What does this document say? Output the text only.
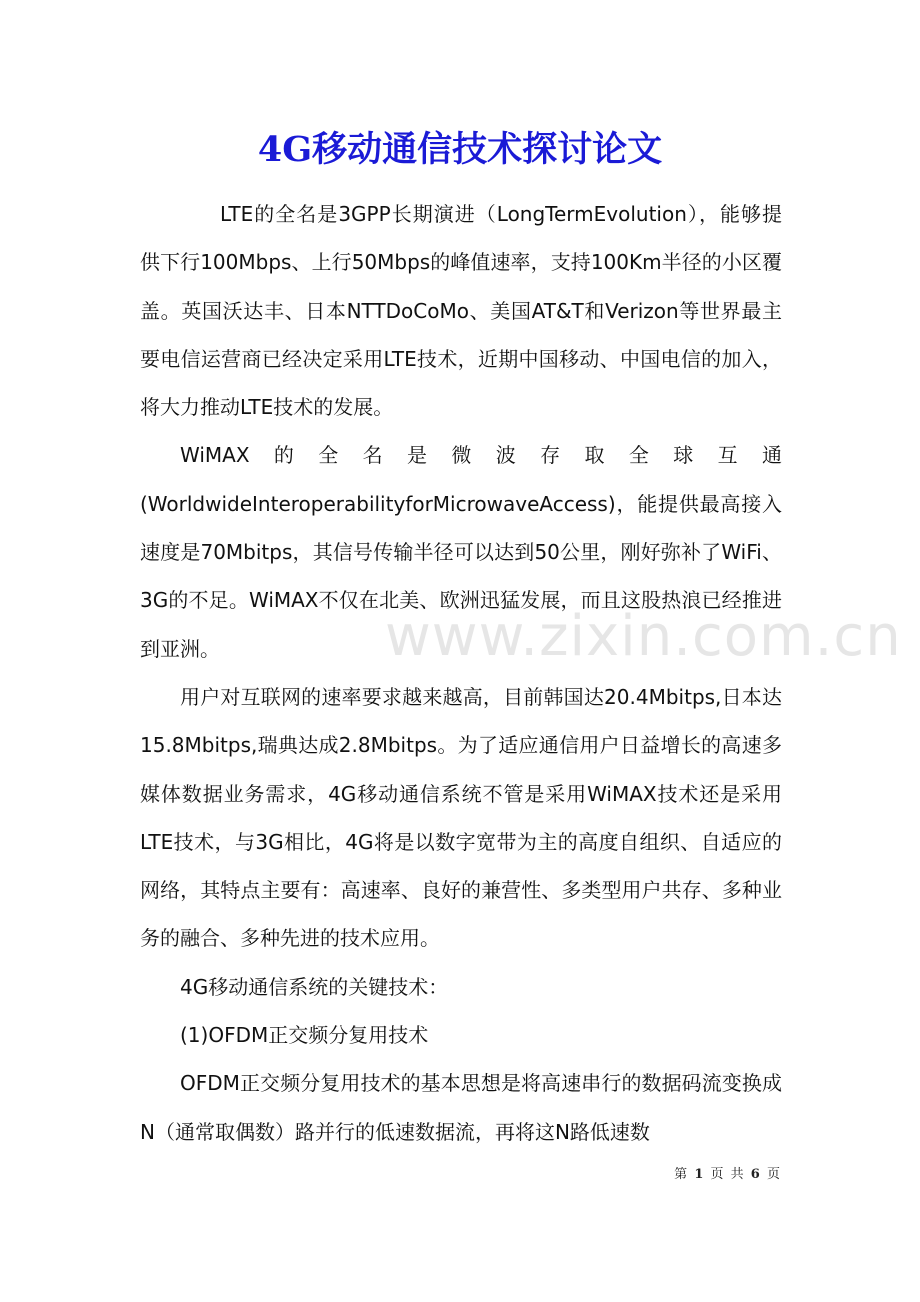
4G移动通信技术探讨论文

LTE的全名是3GPP长期演进（LongTermEvolution），能够提供下行100Mbps、上行50Mbps的峰值速率，支持100Km半径的小区覆盖。英国沃达丰、日本NTTDoCoMo、美国AT&T和Verizon等世界最主要电信运营商已经决定采用LTE技术，近期中国移动、中国电信的加入，将大力推动LTE技术的发展。

WiMAX的全名是微波存取全球互通(WorldwideInteroperabilityforMicrowaveAccess)，能提供最高接入速度是70Mbitps，其信号传输半径可以达到50公里，刚好弥补了WiFi、3G的不足。WiMAX不仅在北美、欧洲迅猛发展，而且这股热浪已经推进到亚洲。

用户对互联网的速率要求越来越高，目前韩国达20.4Mbitps,日本达15.8Mbitps,瑞典达成2.8Mbitps。为了适应通信用户日益增长的高速多媒体数据业务需求，4G移动通信系统不管是采用WiMAX技术还是采用LTE技术，与3G相比，4G将是以数字宽带为主的高度自组织、自适应的网络，其特点主要有：高速率、良好的兼营性、多类型用户共存、多种业务的融合、多种先进的技术应用。

4G移动通信系统的关键技术：

(1)OFDM正交频分复用技术

OFDM正交频分复用技术的基本思想是将高速串行的数据码流变换成N（通常取偶数）路并行的低速数据流，再将这N路低速数

www.zixin.com.cn
第 1 页 共 6 页
